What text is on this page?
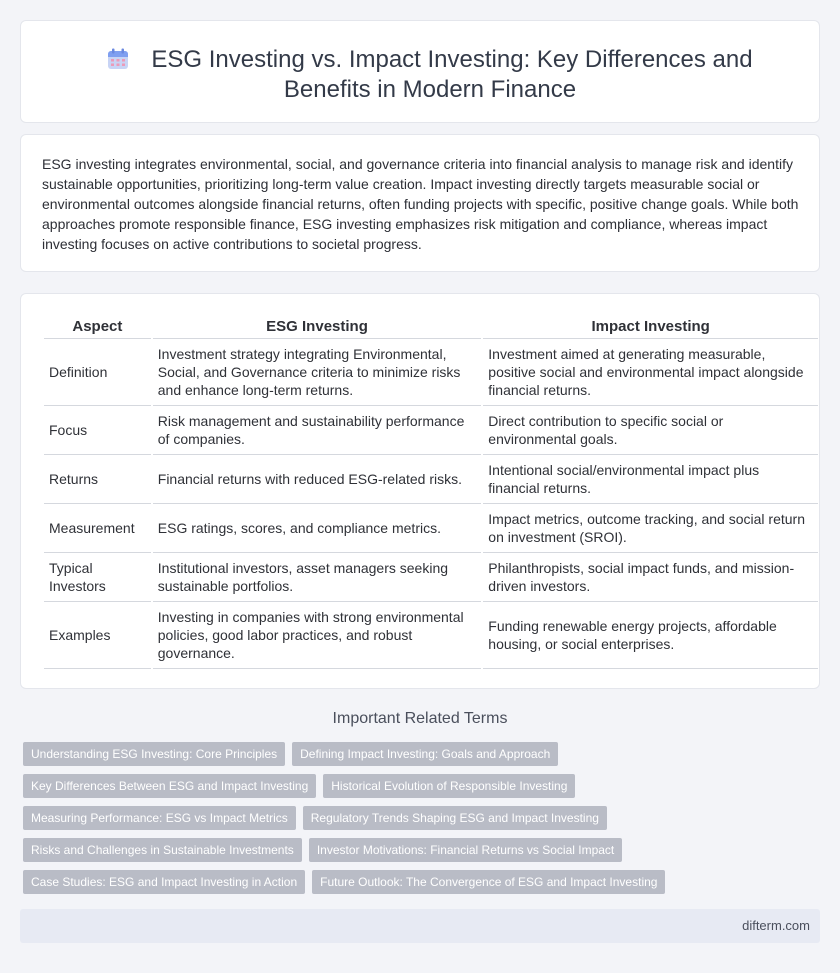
ESG Investing vs. Impact Investing: Key Differences and Benefits in Modern Finance
ESG investing integrates environmental, social, and governance criteria into financial analysis to manage risk and identify sustainable opportunities, prioritizing long-term value creation. Impact investing directly targets measurable social or environmental outcomes alongside financial returns, often funding projects with specific, positive change goals. While both approaches promote responsible finance, ESG investing emphasizes risk mitigation and compliance, whereas impact investing focuses on active contributions to societal progress.
Aspect	ESG Investing	Impact Investing
Definition	Investment strategy integrating Environmental, Social, and Governance criteria to minimize risks and enhance long-term returns.	Investment aimed at generating measurable, positive social and environmental impact alongside financial returns.
Focus	Risk management and sustainability performance of companies.	Direct contribution to specific social or environmental goals.
Returns	Financial returns with reduced ESG-related risks.	Intentional social/environmental impact plus financial returns.
Measurement	ESG ratings, scores, and compliance metrics.	Impact metrics, outcome tracking, and social return on investment (SROI).
Typical Investors	Institutional investors, asset managers seeking sustainable portfolios.	Philanthropists, social impact funds, and mission-driven investors.
Examples	Investing in companies with strong environmental policies, good labor practices, and robust governance.	Funding renewable energy projects, affordable housing, or social enterprises.
Important Related Terms
Understanding ESG Investing: Core Principles	Defining Impact Investing: Goals and Approach
Key Differences Between ESG and Impact Investing	Historical Evolution of Responsible Investing
Measuring Performance: ESG vs Impact Metrics	Regulatory Trends Shaping ESG and Impact Investing
Risks and Challenges in Sustainable Investments	Investor Motivations: Financial Returns vs Social Impact
Case Studies: ESG and Impact Investing in Action	Future Outlook: The Convergence of ESG and Impact Investing
difterm.com
